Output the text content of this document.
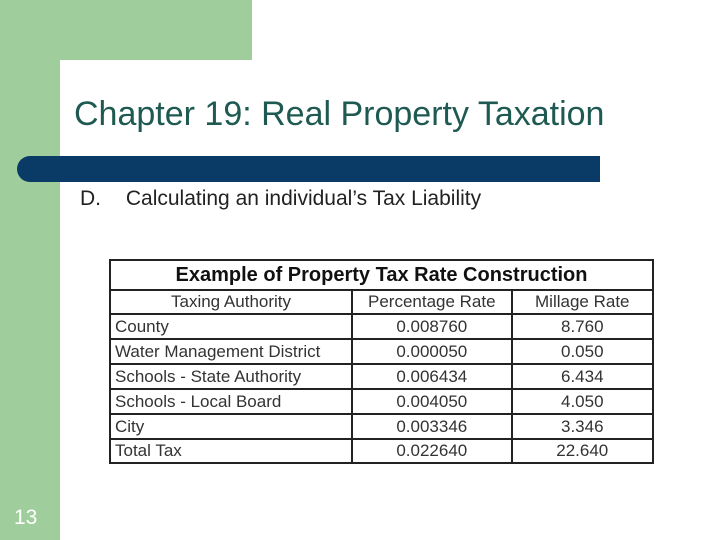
Chapter 19: Real Property Taxation
D. Calculating an individual’s Tax Liability
Example of Property Tax Rate Construction		
Taxing Authority	Percentage Rate	Millage Rate
County	0.008760	8.760
Water Management District	0.000050	0.050
Schools - State Authority	0.006434	6.434
Schools - Local Board	0.004050	4.050
City	0.003346	3.346
Total Tax	0.022640	22.640
13
